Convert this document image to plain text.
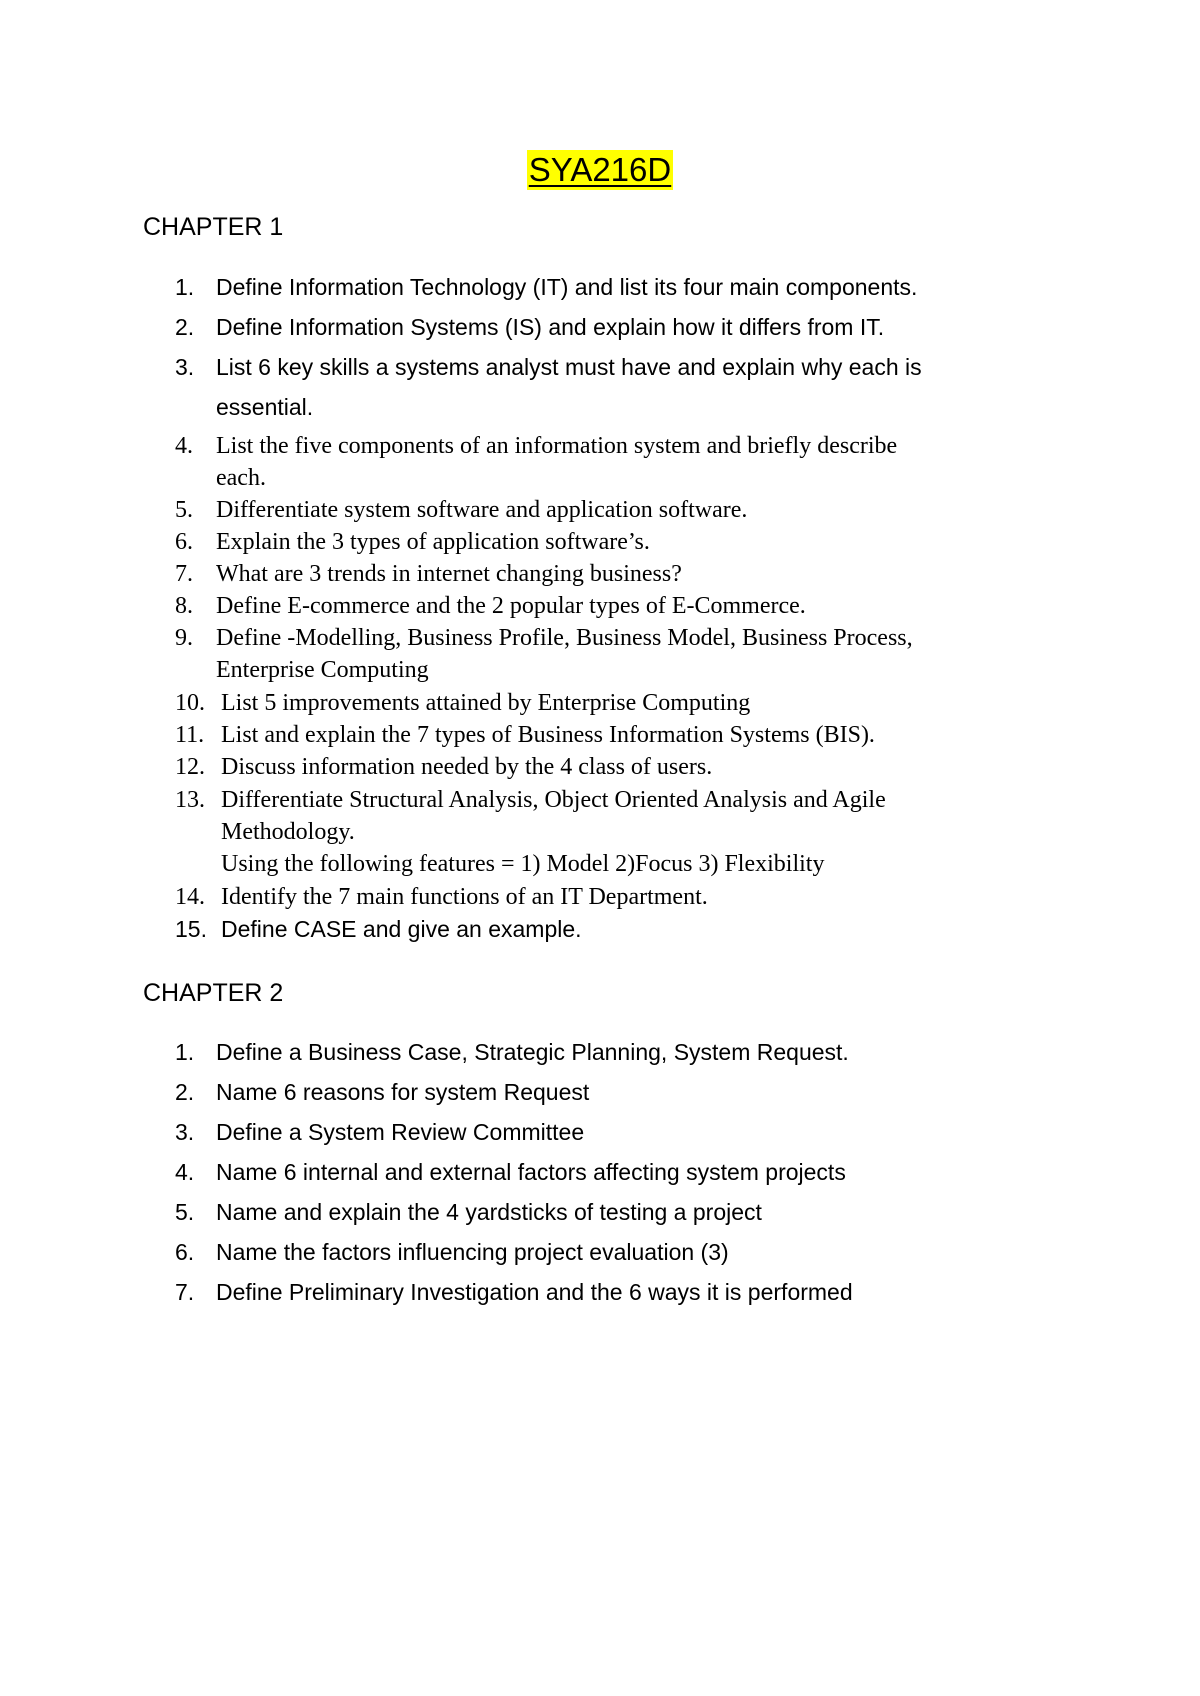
SYA216D
CHAPTER 1
1. Define Information Technology (IT) and list its four main components.
2. Define Information Systems (IS) and explain how it differs from IT.
3. List 6 key skills a systems analyst must have and explain why each is
essential.
4. List the five components of an information system and briefly describe
each.
5. Differentiate system software and application software.
6. Explain the 3 types of application software’s.
7. What are 3 trends in internet changing business?
8. Define E-commerce and the 2 popular types of E-Commerce.
9. Define -Modelling, Business Profile, Business Model, Business Process,
Enterprise Computing
10. List 5 improvements attained by Enterprise Computing
11. List and explain the 7 types of Business Information Systems (BIS).
12. Discuss information needed by the 4 class of users.
13. Differentiate Structural Analysis, Object Oriented Analysis and Agile
Methodology.
Using the following features = 1) Model 2)Focus 3) Flexibility
14. Identify the 7 main functions of an IT Department.
15. Define CASE and give an example.
CHAPTER 2
1. Define a Business Case, Strategic Planning, System Request.
2. Name 6 reasons for system Request
3. Define a System Review Committee
4. Name 6 internal and external factors affecting system projects
5. Name and explain the 4 yardsticks of testing a project
6. Name the factors influencing project evaluation (3)
7. Define Preliminary Investigation and the 6 ways it is performed
